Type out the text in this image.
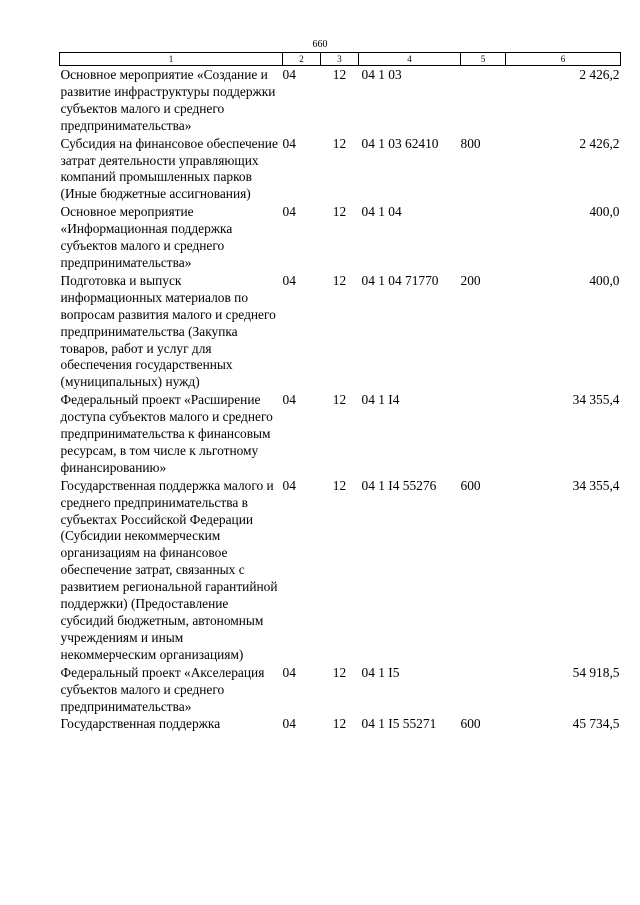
660
1	2	3	4	5	6
Основное мероприятие «Создание и развитие инфраструктуры поддержки субъектов малого и среднего предпринимательства»	04	12	04 1 03		2 426,2
Субсидия на финансовое обеспечение затрат деятельности управляющих компаний промышленных парков (Иные бюджетные ассигнования)	04	12	04 1 03 62410	800	2 426,2
Основное мероприятие «Информационная поддержка субъектов малого и среднего предпринимательства»	04	12	04 1 04		400,0
Подготовка и выпуск информационных материалов по вопросам развития малого и среднего предпринимательства (Закупка товаров, работ и услуг для обеспечения государственных (муниципальных) нужд)	04	12	04 1 04 71770	200	400,0
Федеральный проект «Расширение доступа субъектов малого и среднего предпринимательства к финансовым ресурсам, в том числе к льготному финансированию»	04	12	04 1 I4		34 355,4
Государственная поддержка малого и среднего предпринимательства в субъектах Российской Федерации (Субсидии некоммерческим организациям на финансовое обеспечение затрат, связанных с развитием региональной гарантийной поддержки) (Предоставление субсидий бюджетным, автономным учреждениям и иным некоммерческим организациям)	04	12	04 1 I4 55276	600	34 355,4
Федеральный проект «Акселерация субъектов малого и среднего предпринимательства»	04	12	04 1 I5		54 918,5
Государственная поддержка	04	12	04 1 I5 55271	600	45 734,5
